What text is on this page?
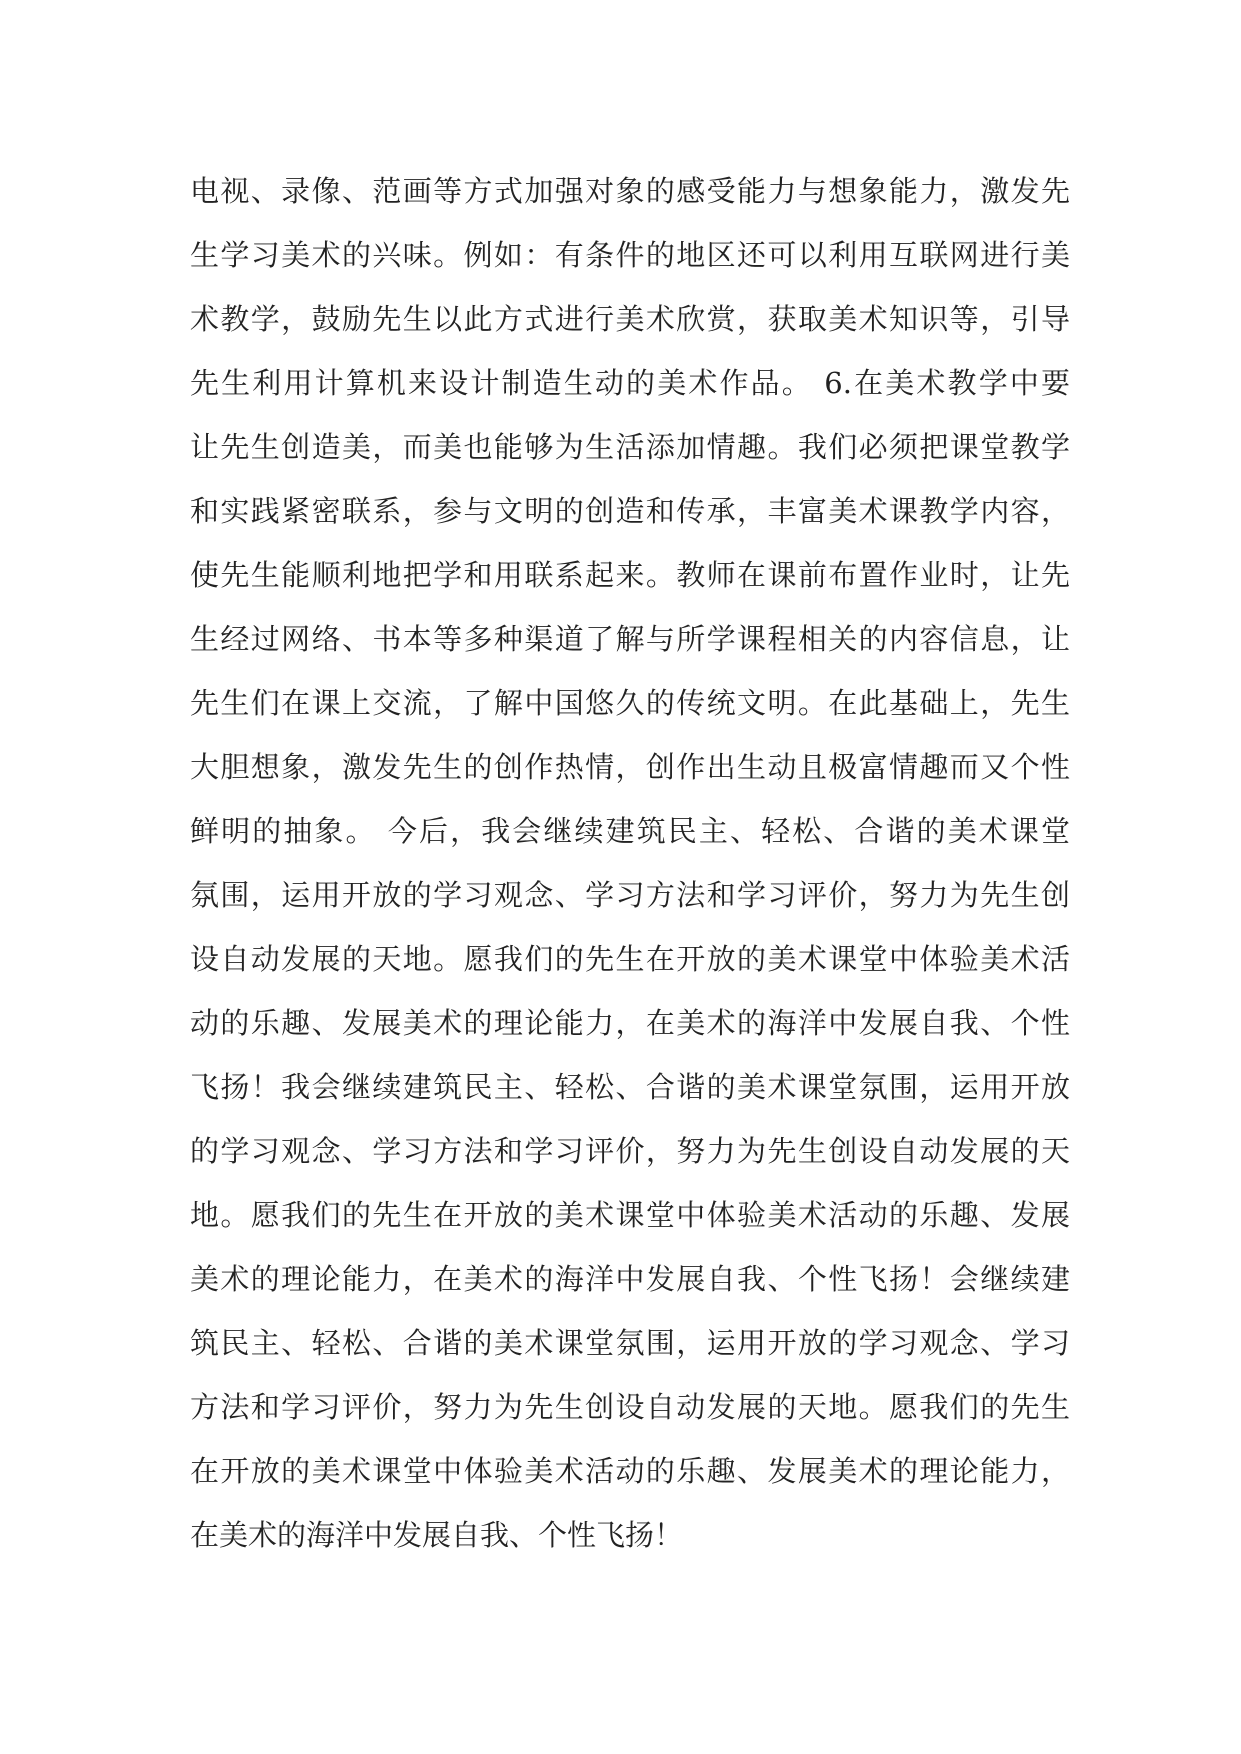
电视、录像、范画等方式加强对象的感受能力与想象能力，激发先
生学习美术的兴味。例如：有条件的地区还可以利用互联网进行美
术教学，鼓励先生以此方式进行美术欣赏，获取美术知识等，引导
先生利用计算机来设计制造生动的美术作品。 6.在美术教学中要
让先生创造美，而美也能够为生活添加情趣。我们必须把课堂教学
和实践紧密联系，参与文明的创造和传承，丰富美术课教学内容，
使先生能顺利地把学和用联系起来。教师在课前布置作业时，让先
生经过网络、书本等多种渠道了解与所学课程相关的内容信息，让
先生们在课上交流，了解中国悠久的传统文明。在此基础上，先生
大胆想象，激发先生的创作热情，创作出生动且极富情趣而又个性
鲜明的抽象。 今后，我会继续建筑民主、轻松、合谐的美术课堂
氛围，运用开放的学习观念、学习方法和学习评价，努力为先生创
设自动发展的天地。愿我们的先生在开放的美术课堂中体验美术活
动的乐趣、发展美术的理论能力，在美术的海洋中发展自我、个性
飞扬！我会继续建筑民主、轻松、合谐的美术课堂氛围，运用开放
的学习观念、学习方法和学习评价，努力为先生创设自动发展的天
地。愿我们的先生在开放的美术课堂中体验美术活动的乐趣、发展
美术的理论能力，在美术的海洋中发展自我、个性飞扬！会继续建
筑民主、轻松、合谐的美术课堂氛围，运用开放的学习观念、学习
方法和学习评价，努力为先生创设自动发展的天地。愿我们的先生
在开放的美术课堂中体验美术活动的乐趣、发展美术的理论能力，
在美术的海洋中发展自我、个性飞扬！
